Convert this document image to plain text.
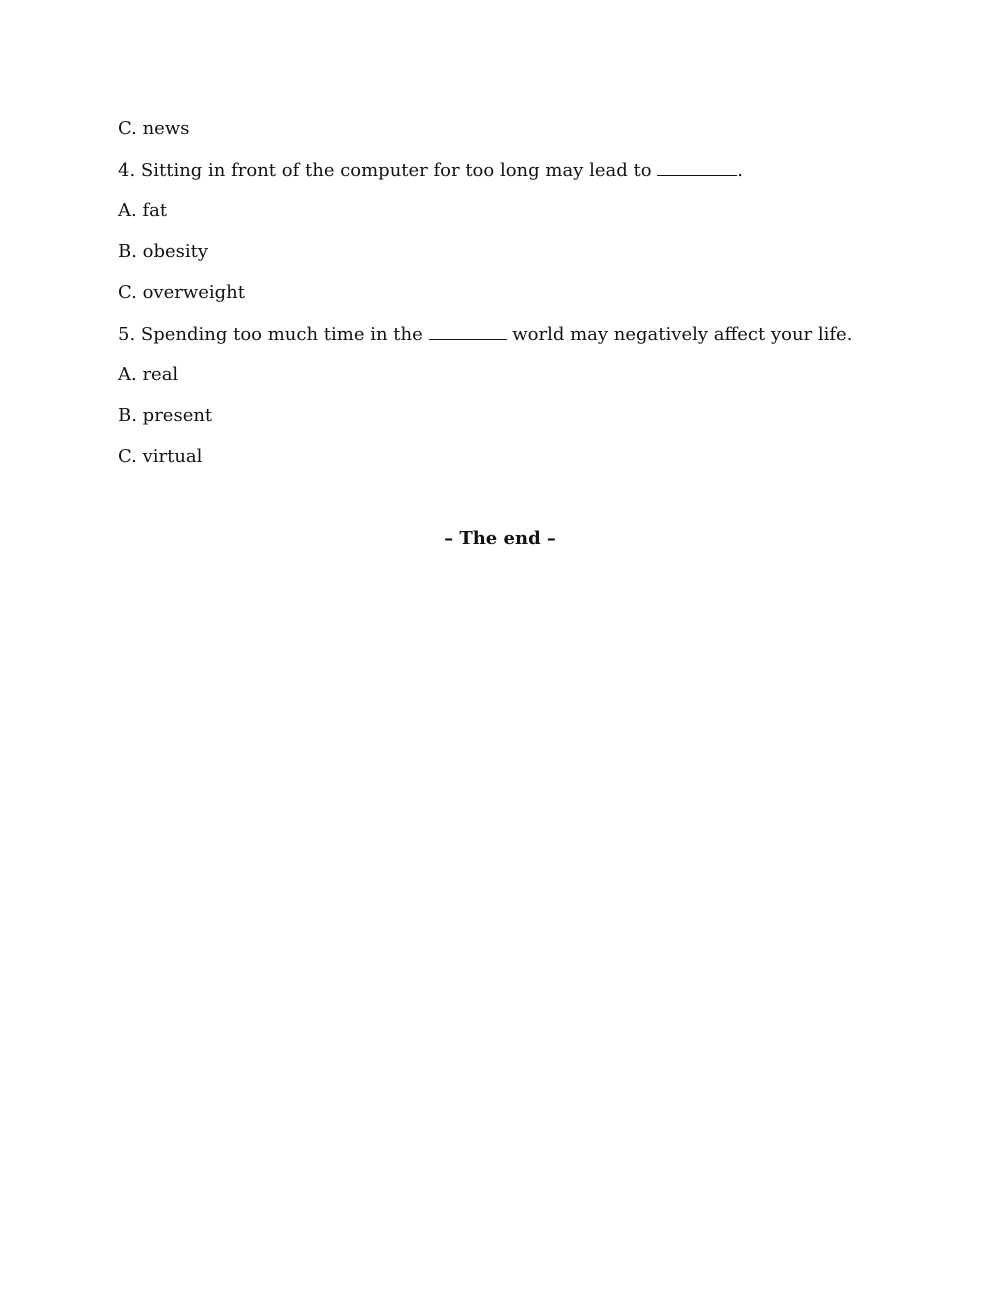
C. news
4. Sitting in front of the computer for too long may lead to	.
A. fat
B. obesity
C. overweight
5. Spending too much time in the	world may negatively affect your life.
A. real
B. present
C. virtual
– The end –
